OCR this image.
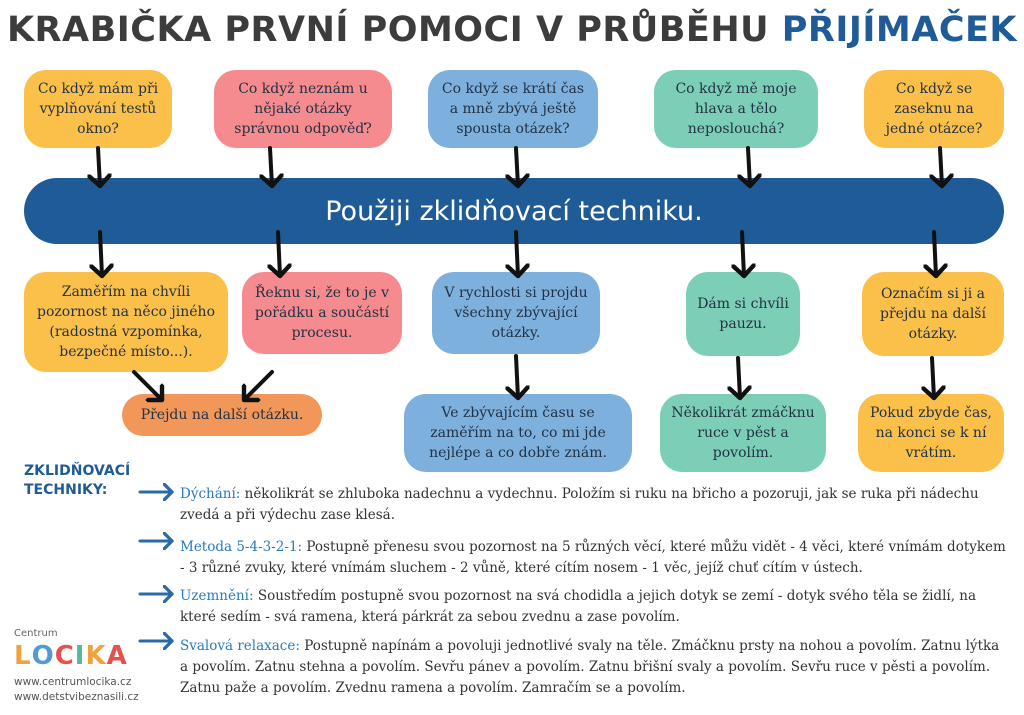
KRABIČKA PRVNÍ POMOCI V PRŮBĚHU PŘIJÍMAČEK
Co když mám při vyplňování testů okno?
Co když neznám u nějaké otázky správnou odpověď?
Co když se krátí čas a mně zbývá ještě spousta otázek?
Co když mě moje hlava a tělo neposlouchá?
Co když se zaseknu na jedné otázce?
Použiji zklidňovací techniku.
Zaměřím na chvíli pozornost na něco jiného (radostná vzpomínka, bezpečné místo...).
Řeknu si, že to je v pořádku a součástí procesu.
V rychlosti si projdu všechny zbývající otázky.
Dám si chvíli pauzu.
Označím si ji a přejdu na další otázky.
Přejdu na další otázku.	Ve zbývajícím času se zaměřím na to, co mi jde nejlépe a co dobře znám.
Několikrát zmáčknu ruce v pěst a povolím.
Pokud zbyde čas, na konci se k ní vrátím.
ZKLIDŇOVACÍ
TECHNIKY:	Dýchání: několikrát se zhluboka nadechnu a vydechnu. Položím si ruku na břicho a pozoruji, jak se ruka při nádechu zvedá a při výdechu zase klesá.
Metoda 5-4-3-2-1: Postupně přenesu svou pozornost na 5 různých věcí, které můžu vidět - 4 věci, které vnímám dotykem - 3 různé zvuky, které vnímám sluchem - 2 vůně, které cítím nosem - 1 věc, jejíž chuť cítím v ústech.
Uzemnění: Soustředím postupně svou pozornost na svá chodidla a jejich dotyk se zemí - dotyk svého těla se židlí, na které sedím - svá ramena, která párkrát za sebou zvednu a zase povolím.
Svalová relaxace: Postupně napínám a povoluji jednotlivé svaly na těle. Zmáčknu prsty na nohou a povolím. Zatnu lýtka a povolím. Zatnu stehna a povolím. Sevřu pánev a povolím. Zatnu břišní svaly a povolím. Sevřu ruce v pěsti a povolím. Zatnu paže a povolím. Zvednu ramena a povolím. Zamračím se a povolím.
Centrum
L O C I K A
www.centrumlocika.cz
www.detstvibeznasili.cz
